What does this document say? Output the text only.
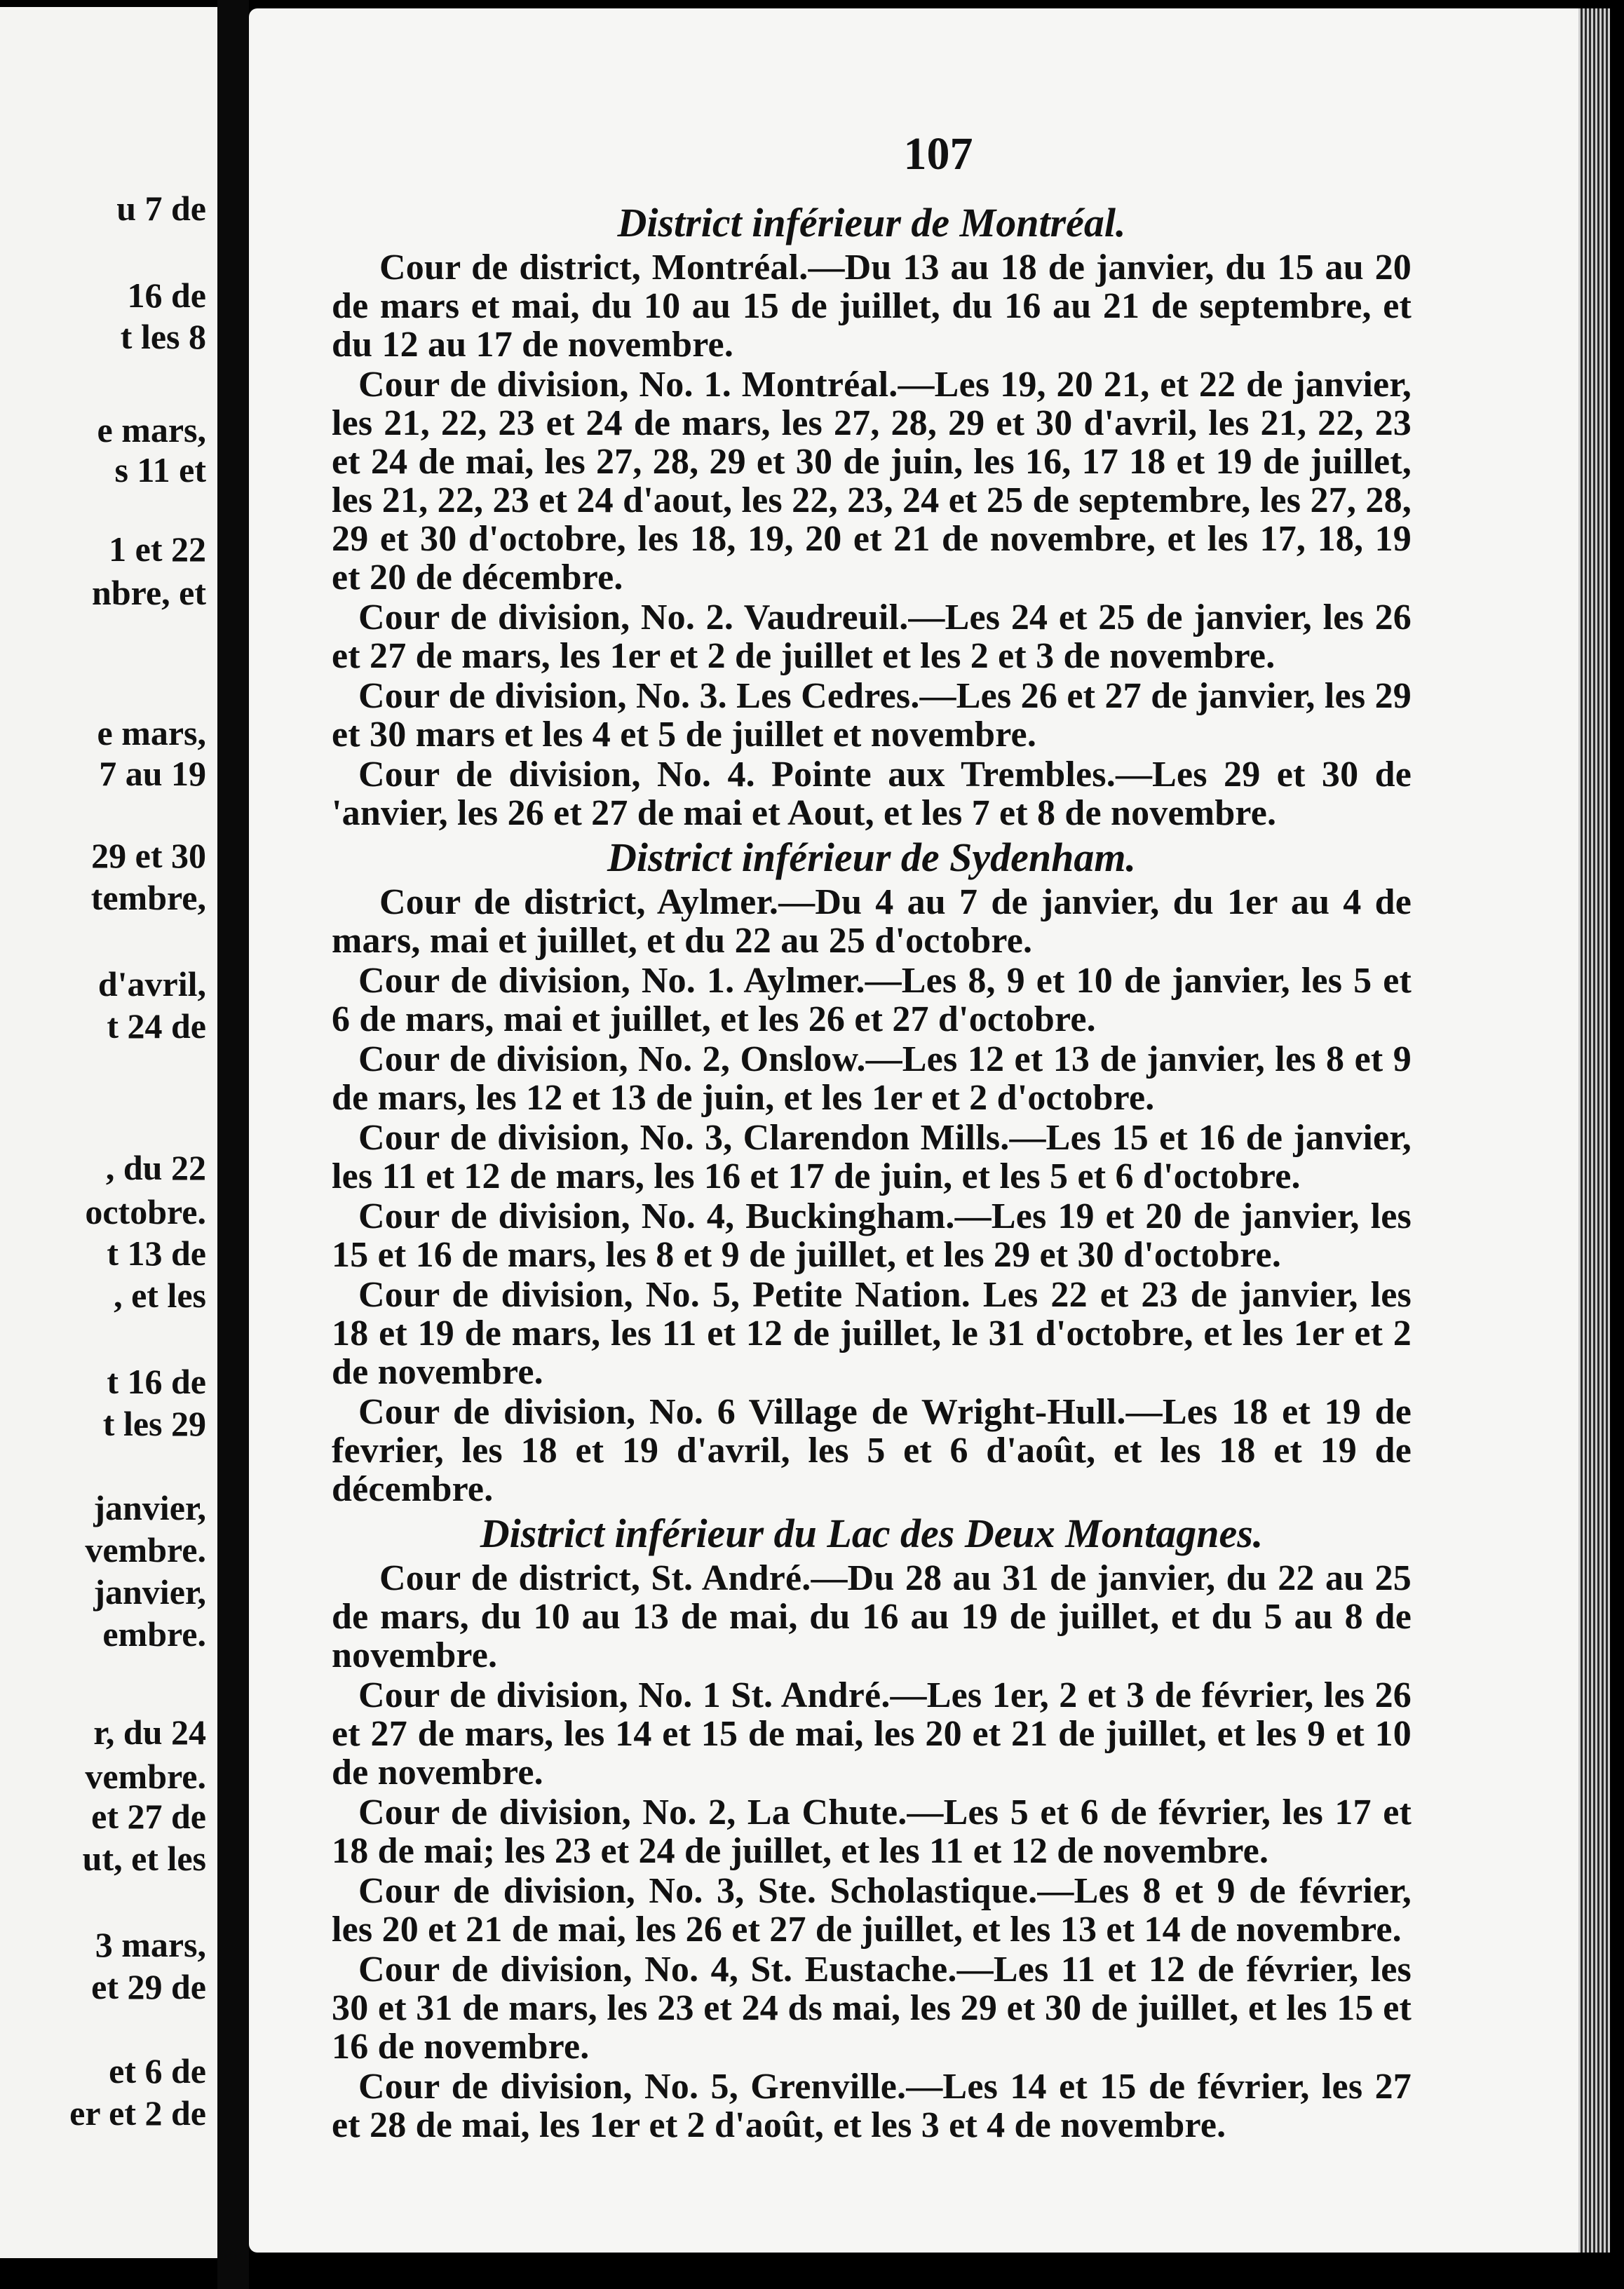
u 7 de
16 de
t les 8
e mars,
s 11 et
1 et 22
nbre, et
e mars,
7 au 19
29 et 30
tembre,
d'avril,
t 24 de
, du 22
octobre.
t 13 de
, et les
t 16 de
t les 29
janvier,
vembre.
janvier,
embre.
r, du 24
vembre.
et 27 de
ut, et les
3 mars,
et 29 de
et 6 de
er et 2 de
107
District inférieur de Montréal.

Cour de district, Montréal.—Du 13 au 18 de janvier, du 15 au 20 de mars et mai, du 10 au 15 de juillet, du 16 au 21 de septembre, et du 12 au 17 de novembre.

Cour de division, No. 1. Montréal.—Les 19, 20 21, et 22 de janvier, les 21, 22, 23 et 24 de mars, les 27, 28, 29 et 30 d'avril, les 21, 22, 23 et 24 de mai, les 27, 28, 29 et 30 de juin, les 16, 17 18 et 19 de juillet, les 21, 22, 23 et 24 d'aout, les 22, 23, 24 et 25 de septembre, les 27, 28, 29 et 30 d'octobre, les 18, 19, 20 et 21 de novembre, et les 17, 18, 19 et 20 de décembre.

Cour de division, No. 2. Vaudreuil.—Les 24 et 25 de janvier, les 26 et 27 de mars, les 1er et 2 de juillet et les 2 et 3 de novembre.

Cour de division, No. 3. Les Cedres.—Les 26 et 27 de janvier, les 29 et 30 mars et les 4 et 5 de juillet et novembre.

Cour de division, No. 4. Pointe aux Trembles.—Les 29 et 30 de 'anvier, les 26 et 27 de mai et Aout, et les 7 et 8 de novembre.

District inférieur de Sydenham.

Cour de district, Aylmer.—Du 4 au 7 de janvier, du 1er au 4 de mars, mai et juillet, et du 22 au 25 d'octobre.

Cour de division, No. 1. Aylmer.—Les 8, 9 et 10 de janvier, les 5 et 6 de mars, mai et juillet, et les 26 et 27 d'octobre.

Cour de division, No. 2, Onslow.—Les 12 et 13 de janvier, les 8 et 9 de mars, les 12 et 13 de juin, et les 1er et 2 d'octobre.

Cour de division, No. 3, Clarendon Mills.—Les 15 et 16 de janvier, les 11 et 12 de mars, les 16 et 17 de juin, et les 5 et 6 d'octobre.

Cour de division, No. 4, Buckingham.—Les 19 et 20 de janvier, les 15 et 16 de mars, les 8 et 9 de juillet, et les 29 et 30 d'octobre.

Cour de division, No. 5, Petite Nation. Les 22 et 23 de janvier, les 18 et 19 de mars, les 11 et 12 de juillet, le 31 d'octobre, et les 1er et 2 de novembre.

Cour de division, No. 6 Village de Wright-Hull.—Les 18 et 19 de fevrier, les 18 et 19 d'avril, les 5 et 6 d'août, et les 18 et 19 de décembre.

District inférieur du Lac des Deux Montagnes.

Cour de district, St. André.—Du 28 au 31 de janvier, du 22 au 25 de mars, du 10 au 13 de mai, du 16 au 19 de juillet, et du 5 au 8 de novembre.

Cour de division, No. 1 St. André.—Les 1er, 2 et 3 de février, les 26 et 27 de mars, les 14 et 15 de mai, les 20 et 21 de juillet, et les 9 et 10 de novembre.

Cour de division, No. 2, La Chute.—Les 5 et 6 de février, les 17 et 18 de mai; les 23 et 24 de juillet, et les 11 et 12 de novembre.

Cour de division, No. 3, Ste. Scholastique.—Les 8 et 9 de février, les 20 et 21 de mai, les 26 et 27 de juillet, et les 13 et 14 de novembre.

Cour de division, No. 4, St. Eustache.—Les 11 et 12 de février, les 30 et 31 de mars, les 23 et 24 ds mai, les 29 et 30 de juillet, et les 15 et 16 de novembre.

Cour de division, No. 5, Grenville.—Les 14 et 15 de février, les 27 et 28 de mai, les 1er et 2 d'août, et les 3 et 4 de novembre.
